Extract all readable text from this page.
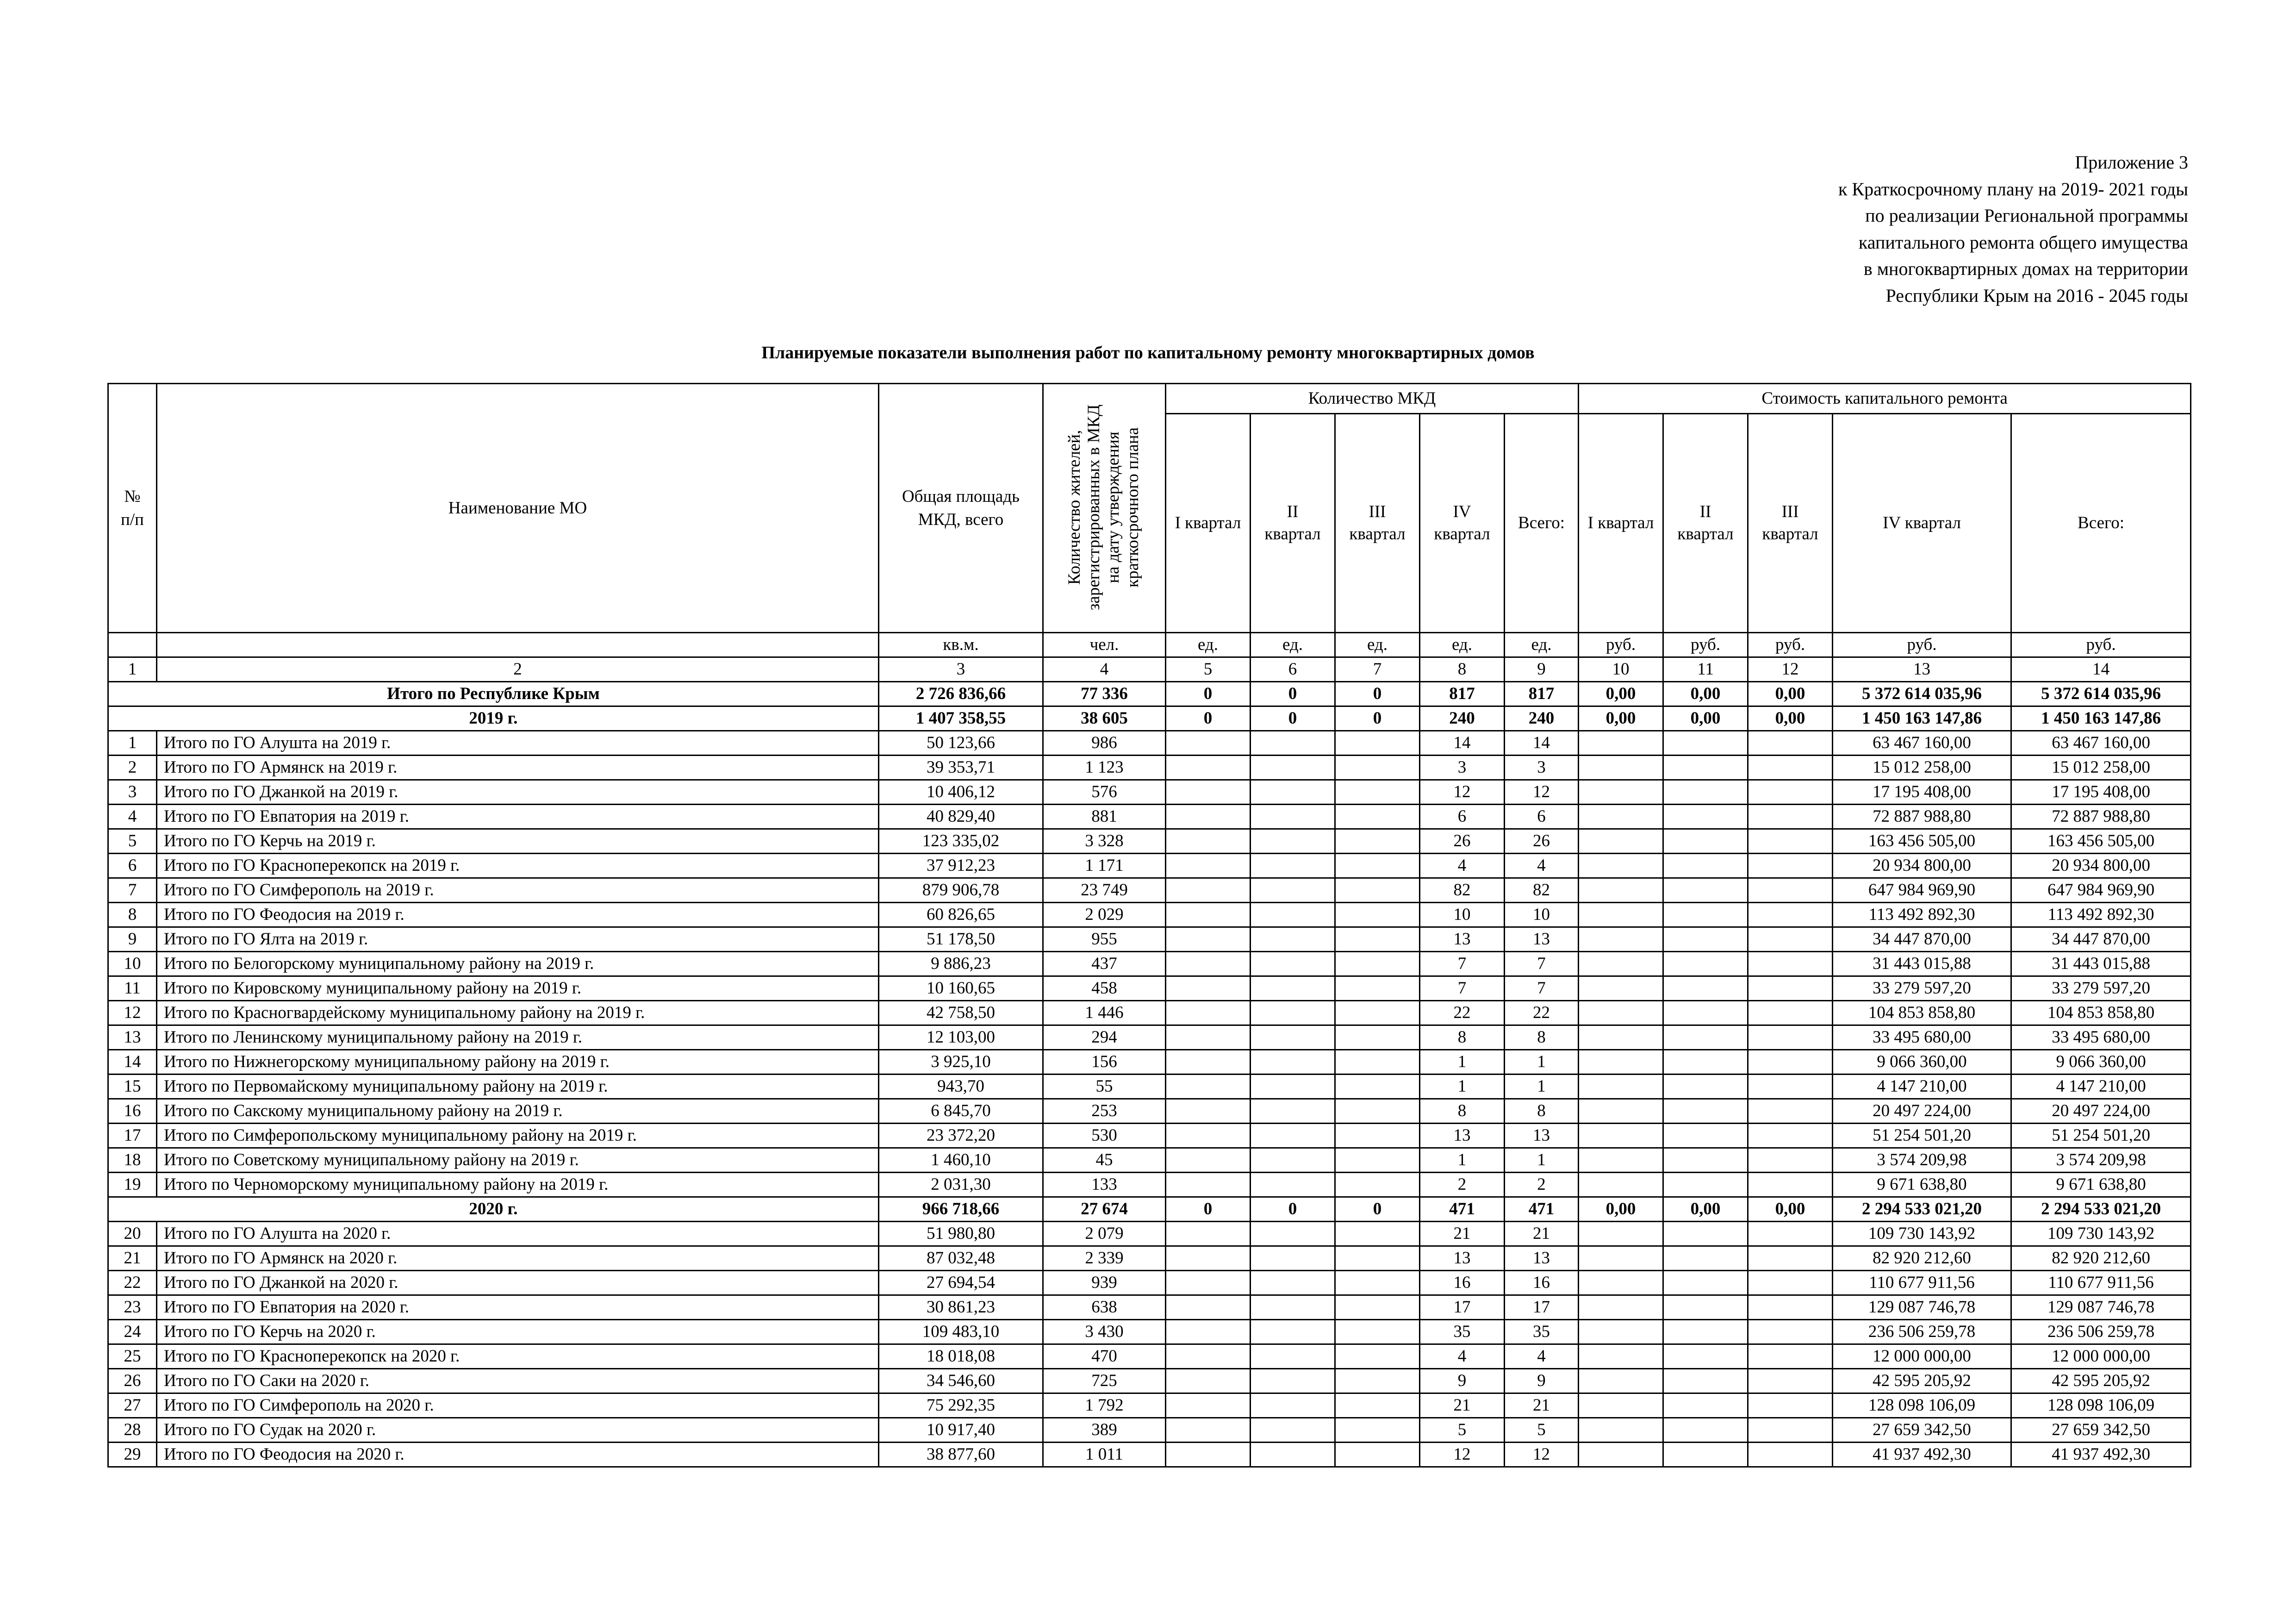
Приложение 3
к Краткосрочному плану на 2019- 2021 годы
по реализации Региональной программы
капитального ремонта общего имущества
в многоквартирных домах на территории
Республики Крым на 2016 - 2045 годы
Планируемые показатели выполнения работ по капитальному ремонту многоквартирных домов
№ п/п	Наименование МО	Общая площадь МКД, всего	Количество жителей, зарегистрированных в МКД на дату утверждения краткосрочного плана	Количество МКД					Стоимость капитального ремонта				
				I квартал	II квартал	III квартал	IV квартал	Всего:	I квартал	II квартал	III квартал	IV квартал	Всего:
		кв.м.	чел.	ед.	ед.	ед.	ед.	ед.	руб.	руб.	руб.	руб.	руб.
1	2	3	4	5	6	7	8	9	10	11	12	13	14
Итого по Республике Крым		2 726 836,66	77 336	0	0	0	817	817	0,00	0,00	0,00	5 372 614 035,96	5 372 614 035,96
2019 г.		1 407 358,55	38 605	0	0	0	240	240	0,00	0,00	0,00	1 450 163 147,86	1 450 163 147,86
1	Итого по ГО Алушта на 2019 г.	50 123,66	986				14	14				63 467 160,00	63 467 160,00
2	Итого по ГО Армянск на 2019 г.	39 353,71	1 123				3	3				15 012 258,00	15 012 258,00
3	Итого по ГО Джанкой на 2019 г.	10 406,12	576				12	12				17 195 408,00	17 195 408,00
4	Итого по ГО Евпатория на 2019 г.	40 829,40	881				6	6				72 887 988,80	72 887 988,80
5	Итого по ГО Керчь на 2019 г.	123 335,02	3 328				26	26				163 456 505,00	163 456 505,00
6	Итого по ГО Красноперекопск на 2019 г.	37 912,23	1 171				4	4				20 934 800,00	20 934 800,00
7	Итого по ГО Симферополь на 2019 г.	879 906,78	23 749				82	82				647 984 969,90	647 984 969,90
8	Итого по ГО Феодосия на 2019 г.	60 826,65	2 029				10	10				113 492 892,30	113 492 892,30
9	Итого по ГО Ялта на 2019 г.	51 178,50	955				13	13				34 447 870,00	34 447 870,00
10	Итого по Белогорскому муниципальному району на 2019 г.	9 886,23	437				7	7				31 443 015,88	31 443 015,88
11	Итого по Кировскому муниципальному району на 2019 г.	10 160,65	458				7	7				33 279 597,20	33 279 597,20
12	Итого по Красногвардейскому муниципальному району на 2019 г.	42 758,50	1 446				22	22				104 853 858,80	104 853 858,80
13	Итого по Ленинскому муниципальному району на 2019 г.	12 103,00	294				8	8				33 495 680,00	33 495 680,00
14	Итого по Нижнегорскому муниципальному району на 2019 г.	3 925,10	156				1	1				9 066 360,00	9 066 360,00
15	Итого по Первомайскому муниципальному району на 2019 г.	943,70	55				1	1				4 147 210,00	4 147 210,00
16	Итого по Сакскому муниципальному району на 2019 г.	6 845,70	253				8	8				20 497 224,00	20 497 224,00
17	Итого по Симферопольскому муниципальному району на 2019 г.	23 372,20	530				13	13				51 254 501,20	51 254 501,20
18	Итого по Советскому муниципальному району на 2019 г.	1 460,10	45				1	1				3 574 209,98	3 574 209,98
19	Итого по Черноморскому муниципальному району на 2019 г.	2 031,30	133				2	2				9 671 638,80	9 671 638,80
2020 г.		966 718,66	27 674	0	0	0	471	471	0,00	0,00	0,00	2 294 533 021,20	2 294 533 021,20
20	Итого по ГО Алушта на 2020 г.	51 980,80	2 079				21	21				109 730 143,92	109 730 143,92
21	Итого по ГО Армянск на 2020 г.	87 032,48	2 339				13	13				82 920 212,60	82 920 212,60
22	Итого по ГО Джанкой на 2020 г.	27 694,54	939				16	16				110 677 911,56	110 677 911,56
23	Итого по ГО Евпатория на 2020 г.	30 861,23	638				17	17				129 087 746,78	129 087 746,78
24	Итого по ГО Керчь на 2020 г.	109 483,10	3 430				35	35				236 506 259,78	236 506 259,78
25	Итого по ГО Красноперекопск на 2020 г.	18 018,08	470				4	4				12 000 000,00	12 000 000,00
26	Итого по ГО Саки на 2020 г.	34 546,60	725				9	9				42 595 205,92	42 595 205,92
27	Итого по ГО Симферополь на 2020 г.	75 292,35	1 792				21	21				128 098 106,09	128 098 106,09
28	Итого по ГО Судак на 2020 г.	10 917,40	389				5	5				27 659 342,50	27 659 342,50
29	Итого по ГО Феодосия на 2020 г.	38 877,60	1 011				12	12				41 937 492,30	41 937 492,30
